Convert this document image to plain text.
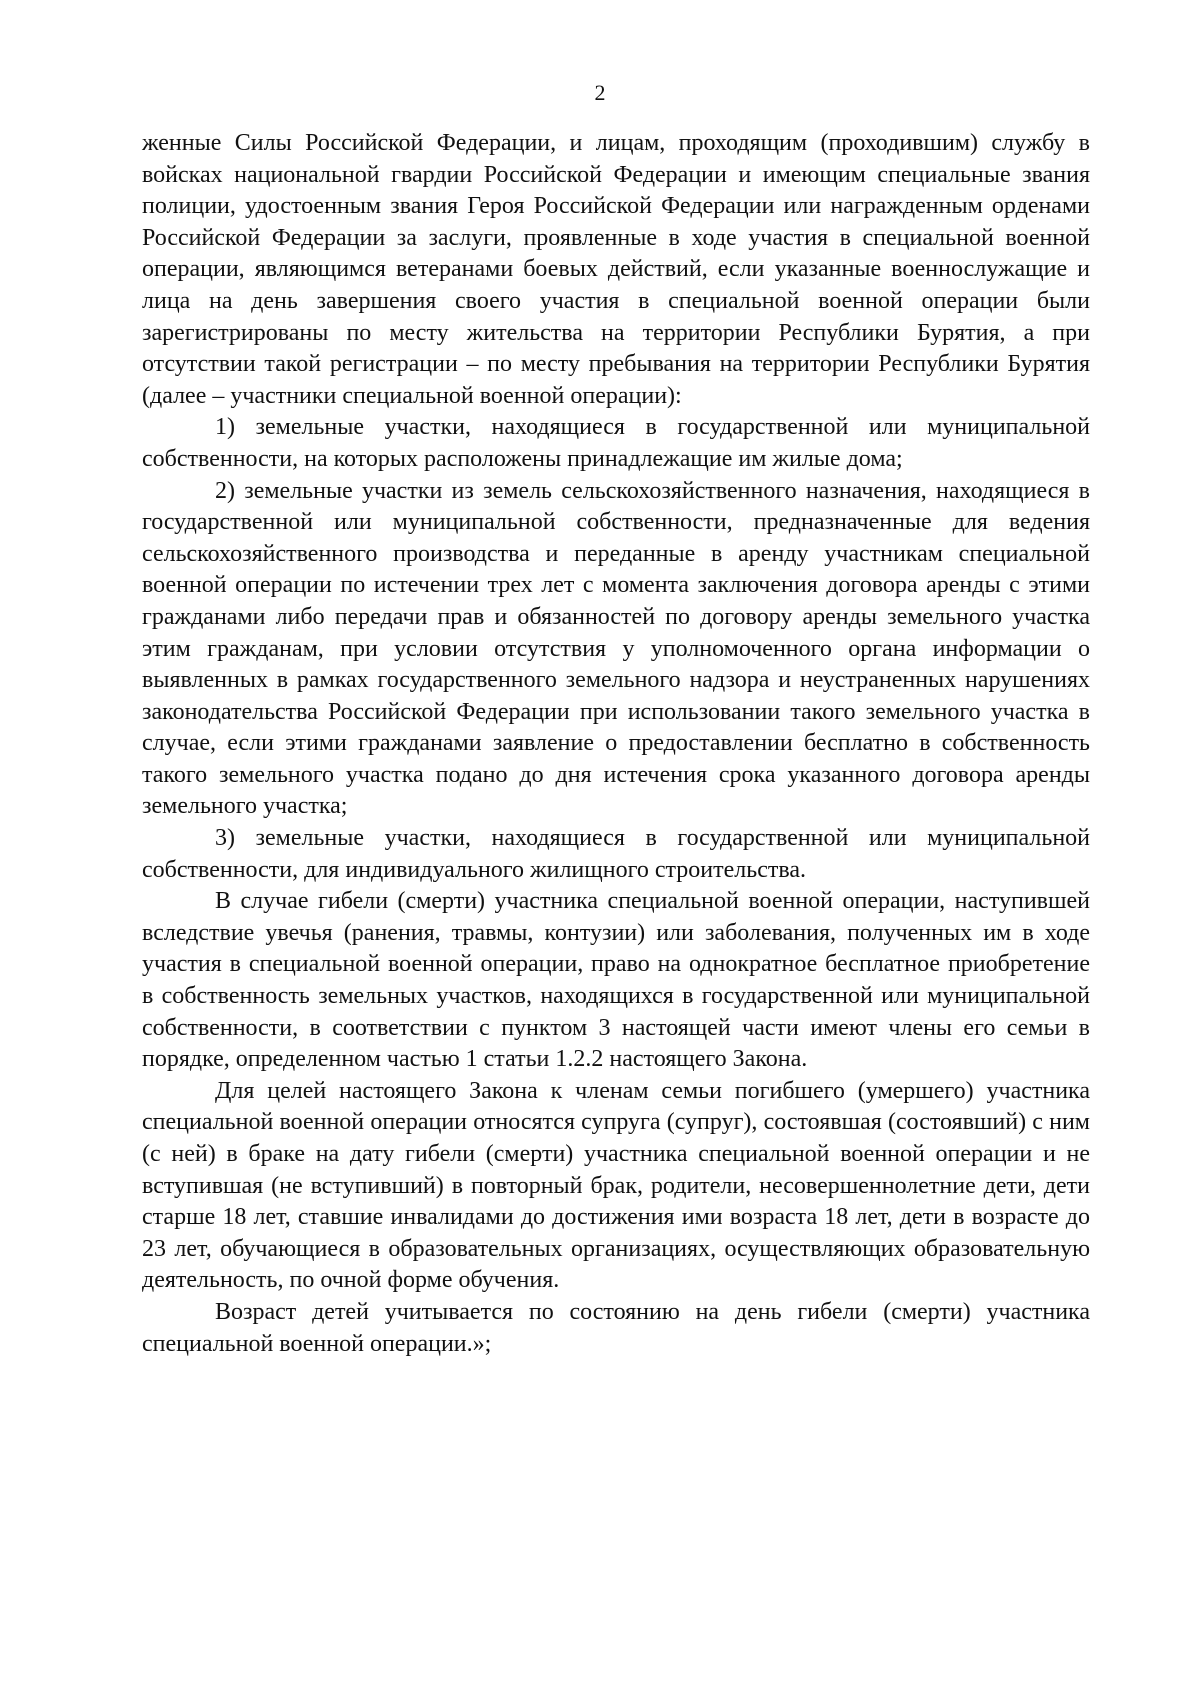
2

женные Силы Российской Федерации, и лицам, проходящим (проходившим) службу в войсках национальной гвардии Российской Федерации и имеющим специальные звания полиции, удостоенным звания Героя Российской Федерации или награжденным орденами Российской Федерации за заслуги, проявленные в ходе участия в специальной военной операции, являющимся ветеранами боевых действий, если указанные военнослужащие и лица на день завершения своего участия в специальной военной операции были зарегистрированы по месту жительства на территории Республики Бурятия, а при отсутствии такой регистрации – по месту пребывания на территории Республики Бурятия (далее – участники специальной военной операции):

1) земельные участки, находящиеся в государственной или муниципальной собственности, на которых расположены принадлежащие им жилые дома;

2) земельные участки из земель сельскохозяйственного назначения, находящиеся в государственной или муниципальной собственности, предназначенные для ведения сельскохозяйственного производства и переданные в аренду участникам специальной военной операции по истечении трех лет с момента заключения договора аренды с этими гражданами либо передачи прав и обязанностей по договору аренды земельного участка этим гражданам, при условии отсутствия у уполномоченного органа информации о выявленных в рамках государственного земельного надзора и неустраненных нарушениях законодательства Российской Федерации при использовании такого земельного участка в случае, если этими гражданами заявление о предоставлении бесплатно в собственность такого земельного участка подано до дня истечения срока указанного договора аренды земельного участка;

3) земельные участки, находящиеся в государственной или муниципальной собственности, для индивидуального жилищного строительства.

В случае гибели (смерти) участника специальной военной операции, наступившей вследствие увечья (ранения, травмы, контузии) или заболевания, полученных им в ходе участия в специальной военной операции, право на однократное бесплатное приобретение в собственность земельных участков, находящихся в государственной или муниципальной собственности, в соответствии с пунктом 3 настоящей части имеют члены его семьи в порядке, определенном частью 1 статьи 1.2.2 настоящего Закона.

Для целей настоящего Закона к членам семьи погибшего (умершего) участника специальной военной операции относятся супруга (супруг), состоявшая (состоявший) с ним (с ней) в браке на дату гибели (смерти) участника специальной военной операции и не вступившая (не вступивший) в повторный брак, родители, несовершеннолетние дети, дети старше 18 лет, ставшие инвалидами до достижения ими возраста 18 лет, дети в возрасте до 23 лет, обучающиеся в образовательных организациях, осуществляющих образовательную деятельность, по очной форме обучения.

Возраст детей учитывается по состоянию на день гибели (смерти) участника специальной военной операции.»;
